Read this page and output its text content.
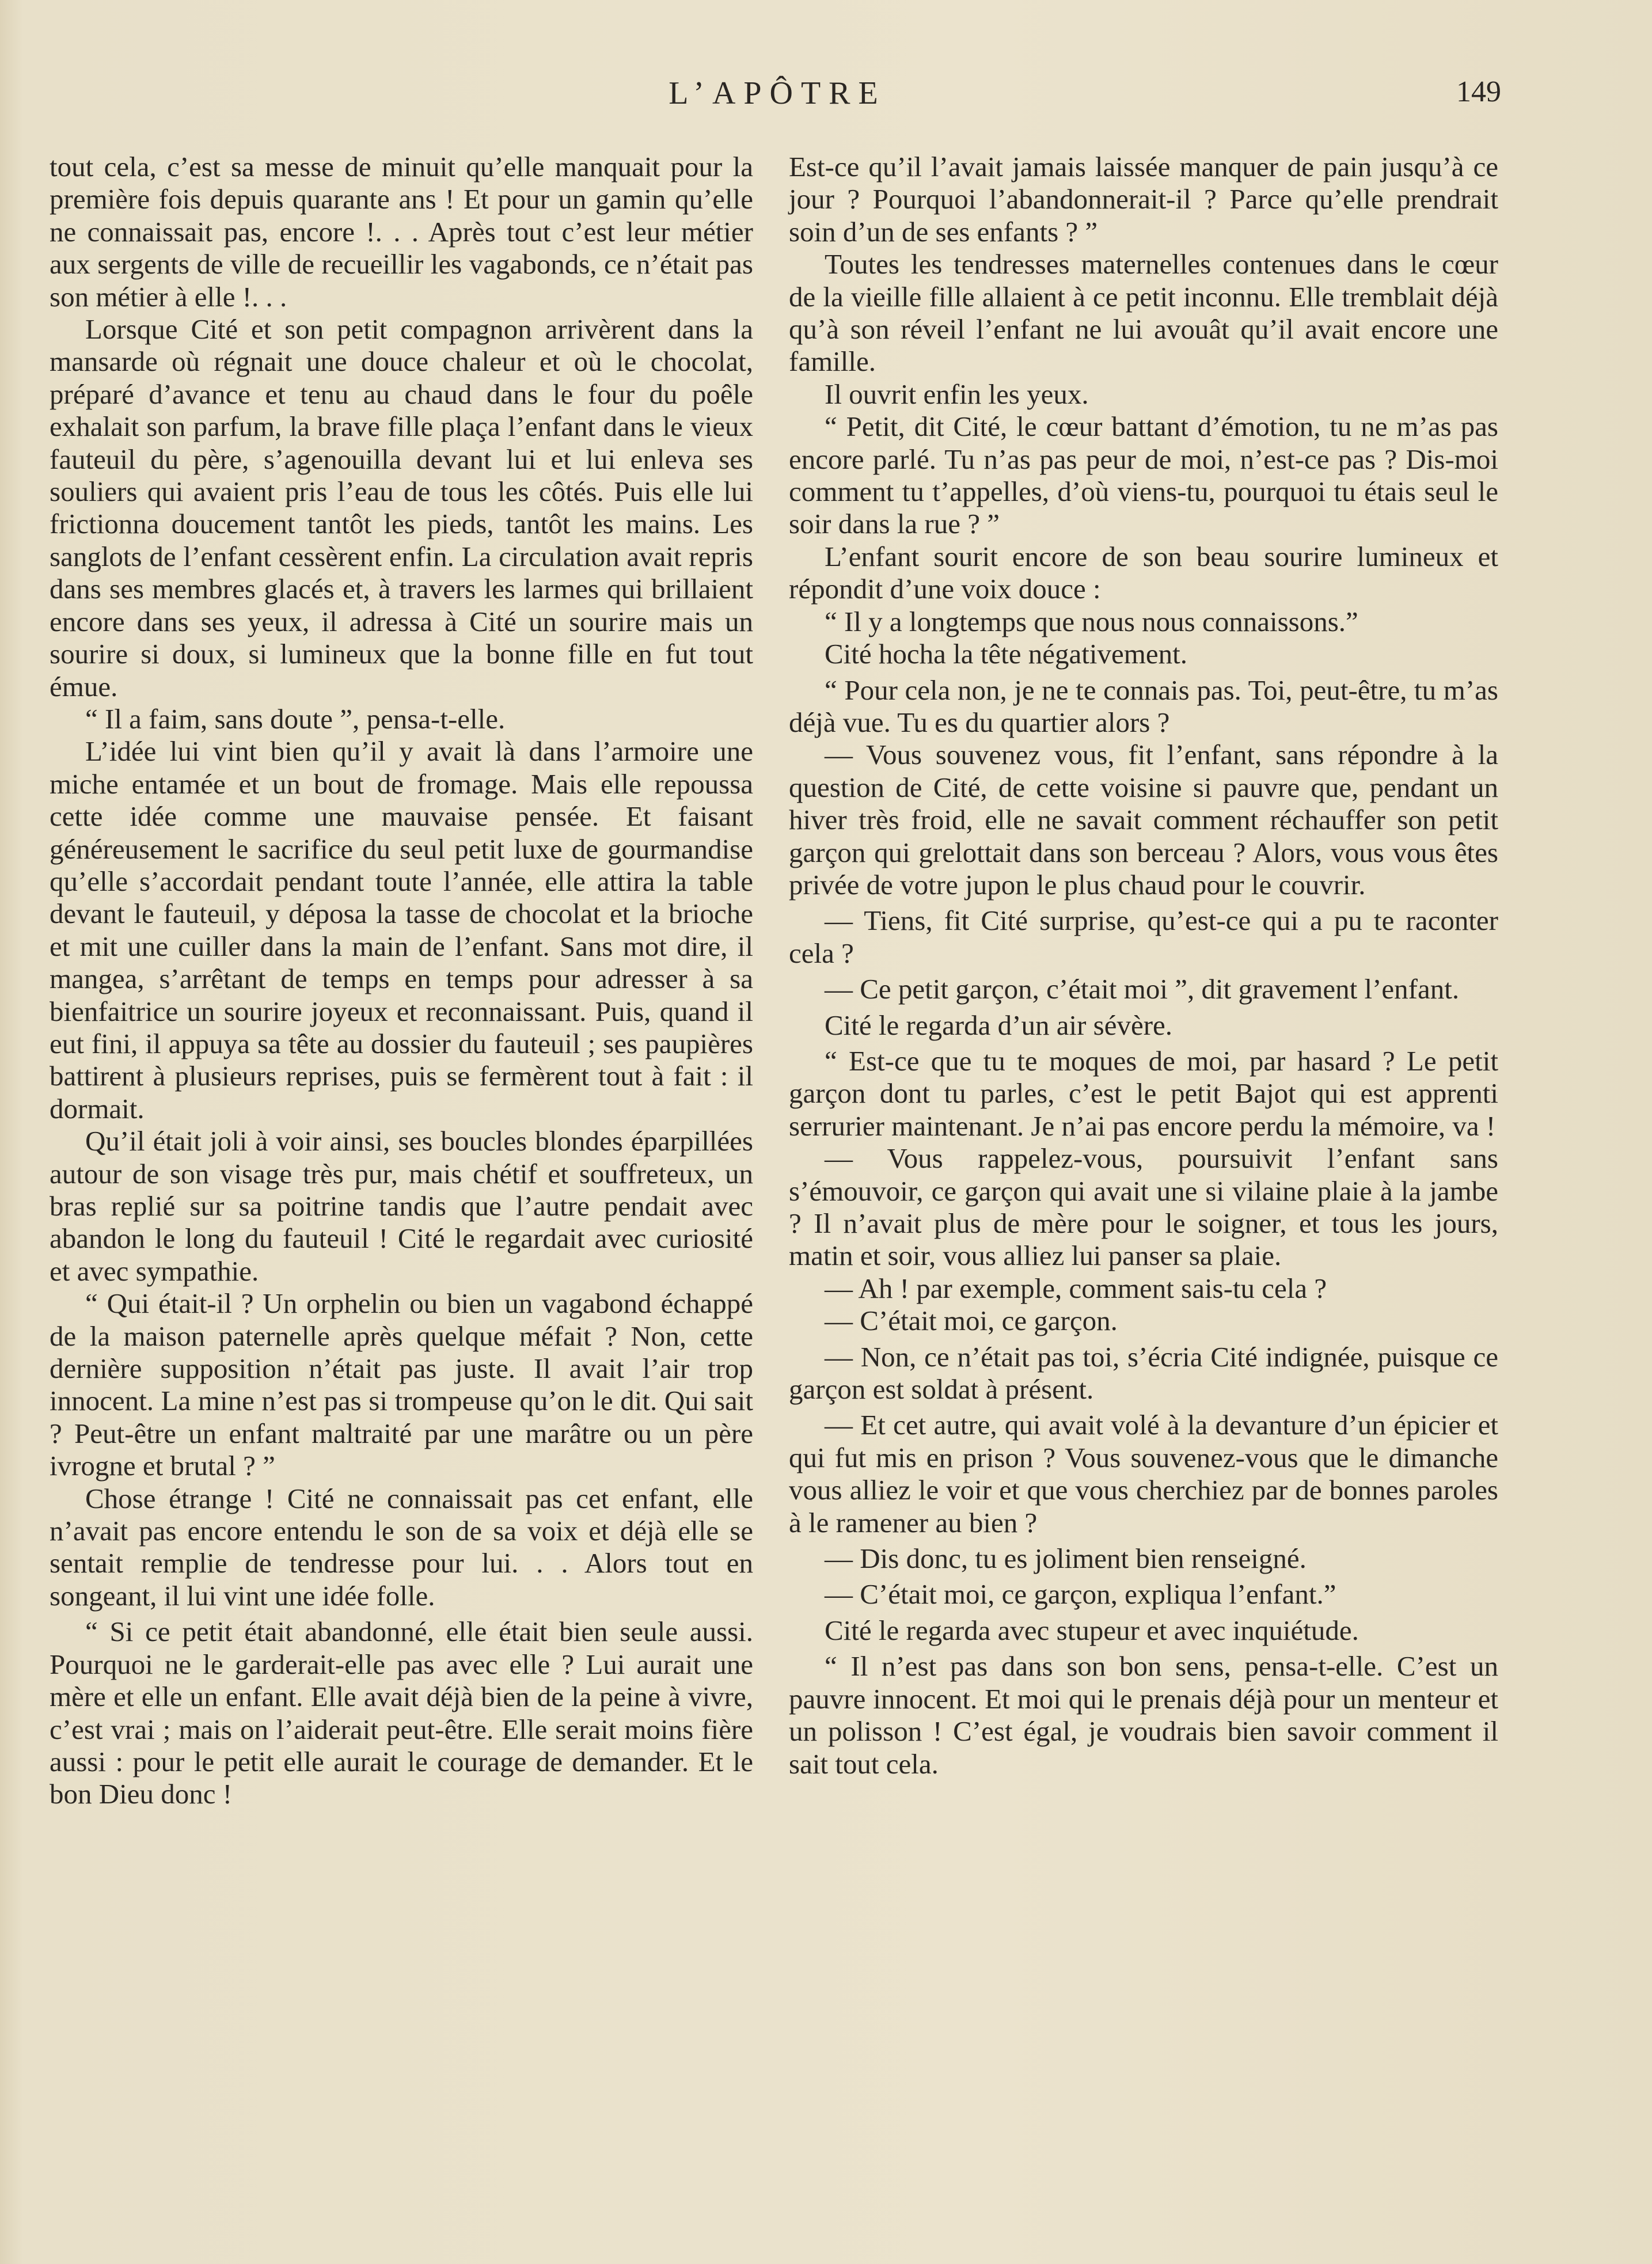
L’APÔTRE	149

tout cela, c’est sa messe de minuit qu’elle manquait pour la première fois depuis quarante ans ! Et pour un gamin qu’elle ne connaissait pas, encore !. . . Après tout c’est leur métier aux sergents de ville de recueillir les vagabonds, ce n’était pas son métier à elle !. . .

Lorsque Cité et son petit compagnon arrivèrent dans la mansarde où régnait une douce chaleur et où le chocolat, préparé d’avance et tenu au chaud dans le four du poêle exhalait son parfum, la brave fille plaça l’enfant dans le vieux fauteuil du père, s’agenouilla devant lui et lui enleva ses souliers qui avaient pris l’eau de tous les côtés. Puis elle lui frictionna doucement tantôt les pieds, tantôt les mains. Les sanglots de l’enfant cessèrent enfin. La circulation avait repris dans ses membres glacés et, à travers les larmes qui brillaient encore dans ses yeux, il adressa à Cité un sourire mais un sourire si doux, si lumineux que la bonne fille en fut tout émue.

“ Il a faim, sans doute ”, pensa-t-elle.

L’idée lui vint bien qu’il y avait là dans l’armoire une miche entamée et un bout de fromage. Mais elle repoussa cette idée comme une mauvaise pensée. Et faisant généreusement le sacrifice du seul petit luxe de gourmandise qu’elle s’accordait pendant toute l’année, elle attira la table devant le fauteuil, y déposa la tasse de chocolat et la brioche et mit une cuiller dans la main de l’enfant. Sans mot dire, il mangea, s’arrêtant de temps en temps pour adresser à sa bienfaitrice un sourire joyeux et reconnaissant. Puis, quand il eut fini, il appuya sa tête au dossier du fauteuil ; ses paupières battirent à plusieurs reprises, puis se fermèrent tout à fait : il dormait.

Qu’il était joli à voir ainsi, ses boucles blondes éparpillées autour de son visage très pur, mais chétif et souffreteux, un bras replié sur sa poitrine tandis que l’autre pendait avec abandon le long du fauteuil ! Cité le regardait avec curiosité et avec sympathie.

“ Qui était-il ? Un orphelin ou bien un vagabond échappé de la maison paternelle après quelque méfait ? Non, cette dernière supposition n’était pas juste. Il avait l’air trop innocent. La mine n’est pas si trompeuse qu’on le dit. Qui sait ? Peut-être un enfant maltraité par une marâtre ou un père ivrogne et brutal ? ”

Chose étrange ! Cité ne connaissait pas cet enfant, elle n’avait pas encore entendu le son de sa voix et déjà elle se sentait remplie de tendresse pour lui. . . Alors tout en songeant, il lui vint une idée folle.

“ Si ce petit était abandonné, elle était bien seule aussi. Pourquoi ne le garderait-elle pas avec elle ? Lui aurait une mère et elle un enfant. Elle avait déjà bien de la peine à vivre, c’est vrai ; mais on l’aiderait peut-être. Elle serait moins fière aussi : pour le petit elle aurait le courage de demander. Et le bon Dieu donc !

Est-ce qu’il l’avait jamais laissée manquer de pain jusqu’à ce jour ? Pourquoi l’abandonnerait-il ? Parce qu’elle prendrait soin d’un de ses enfants ? ”

Toutes les tendresses maternelles contenues dans le cœur de la vieille fille allaient à ce petit inconnu. Elle tremblait déjà qu’à son réveil l’enfant ne lui avouât qu’il avait encore une famille.

Il ouvrit enfin les yeux.

“ Petit, dit Cité, le cœur battant d’émotion, tu ne m’as pas encore parlé. Tu n’as pas peur de moi, n’est-ce pas ? Dis-moi comment tu t’appelles, d’où viens-tu, pourquoi tu étais seul le soir dans la rue ? ”

L’enfant sourit encore de son beau sourire lumineux et répondit d’une voix douce :

“ Il y a longtemps que nous nous connaissons.”

Cité hocha la tête négativement.

“ Pour cela non, je ne te connais pas. Toi, peut-être, tu m’as déjà vue. Tu es du quartier alors ?

— Vous souvenez vous, fit l’enfant, sans répondre à la question de Cité, de cette voisine si pauvre que, pendant un hiver très froid, elle ne savait comment réchauffer son petit garçon qui grelottait dans son berceau ? Alors, vous vous êtes privée de votre jupon le plus chaud pour le couvrir.

— Tiens, fit Cité surprise, qu’est-ce qui a pu te raconter cela ?

— Ce petit garçon, c’était moi ”, dit gravement l’enfant.

Cité le regarda d’un air sévère.

“ Est-ce que tu te moques de moi, par hasard ? Le petit garçon dont tu parles, c’est le petit Bajot qui est apprenti serrurier maintenant. Je n’ai pas encore perdu la mémoire, va !

— Vous rappelez-vous, poursuivit l’enfant sans s’émouvoir, ce garçon qui avait une si vilaine plaie à la jambe ? Il n’avait plus de mère pour le soigner, et tous les jours, matin et soir, vous alliez lui panser sa plaie.

— Ah ! par exemple, comment sais-tu cela ?

— C’était moi, ce garçon.

— Non, ce n’était pas toi, s’écria Cité indignée, puisque ce garçon est soldat à présent.

— Et cet autre, qui avait volé à la devanture d’un épicier et qui fut mis en prison ? Vous souvenez-vous que le dimanche vous alliez le voir et que vous cherchiez par de bonnes paroles à le ramener au bien ?

— Dis donc, tu es joliment bien renseigné.

— C’était moi, ce garçon, expliqua l’enfant.”

Cité le regarda avec stupeur et avec inquiétude.

“ Il n’est pas dans son bon sens, pensa-t-elle. C’est un pauvre innocent. Et moi qui le prenais déjà pour un menteur et un polisson ! C’est égal, je voudrais bien savoir comment il sait tout cela.
